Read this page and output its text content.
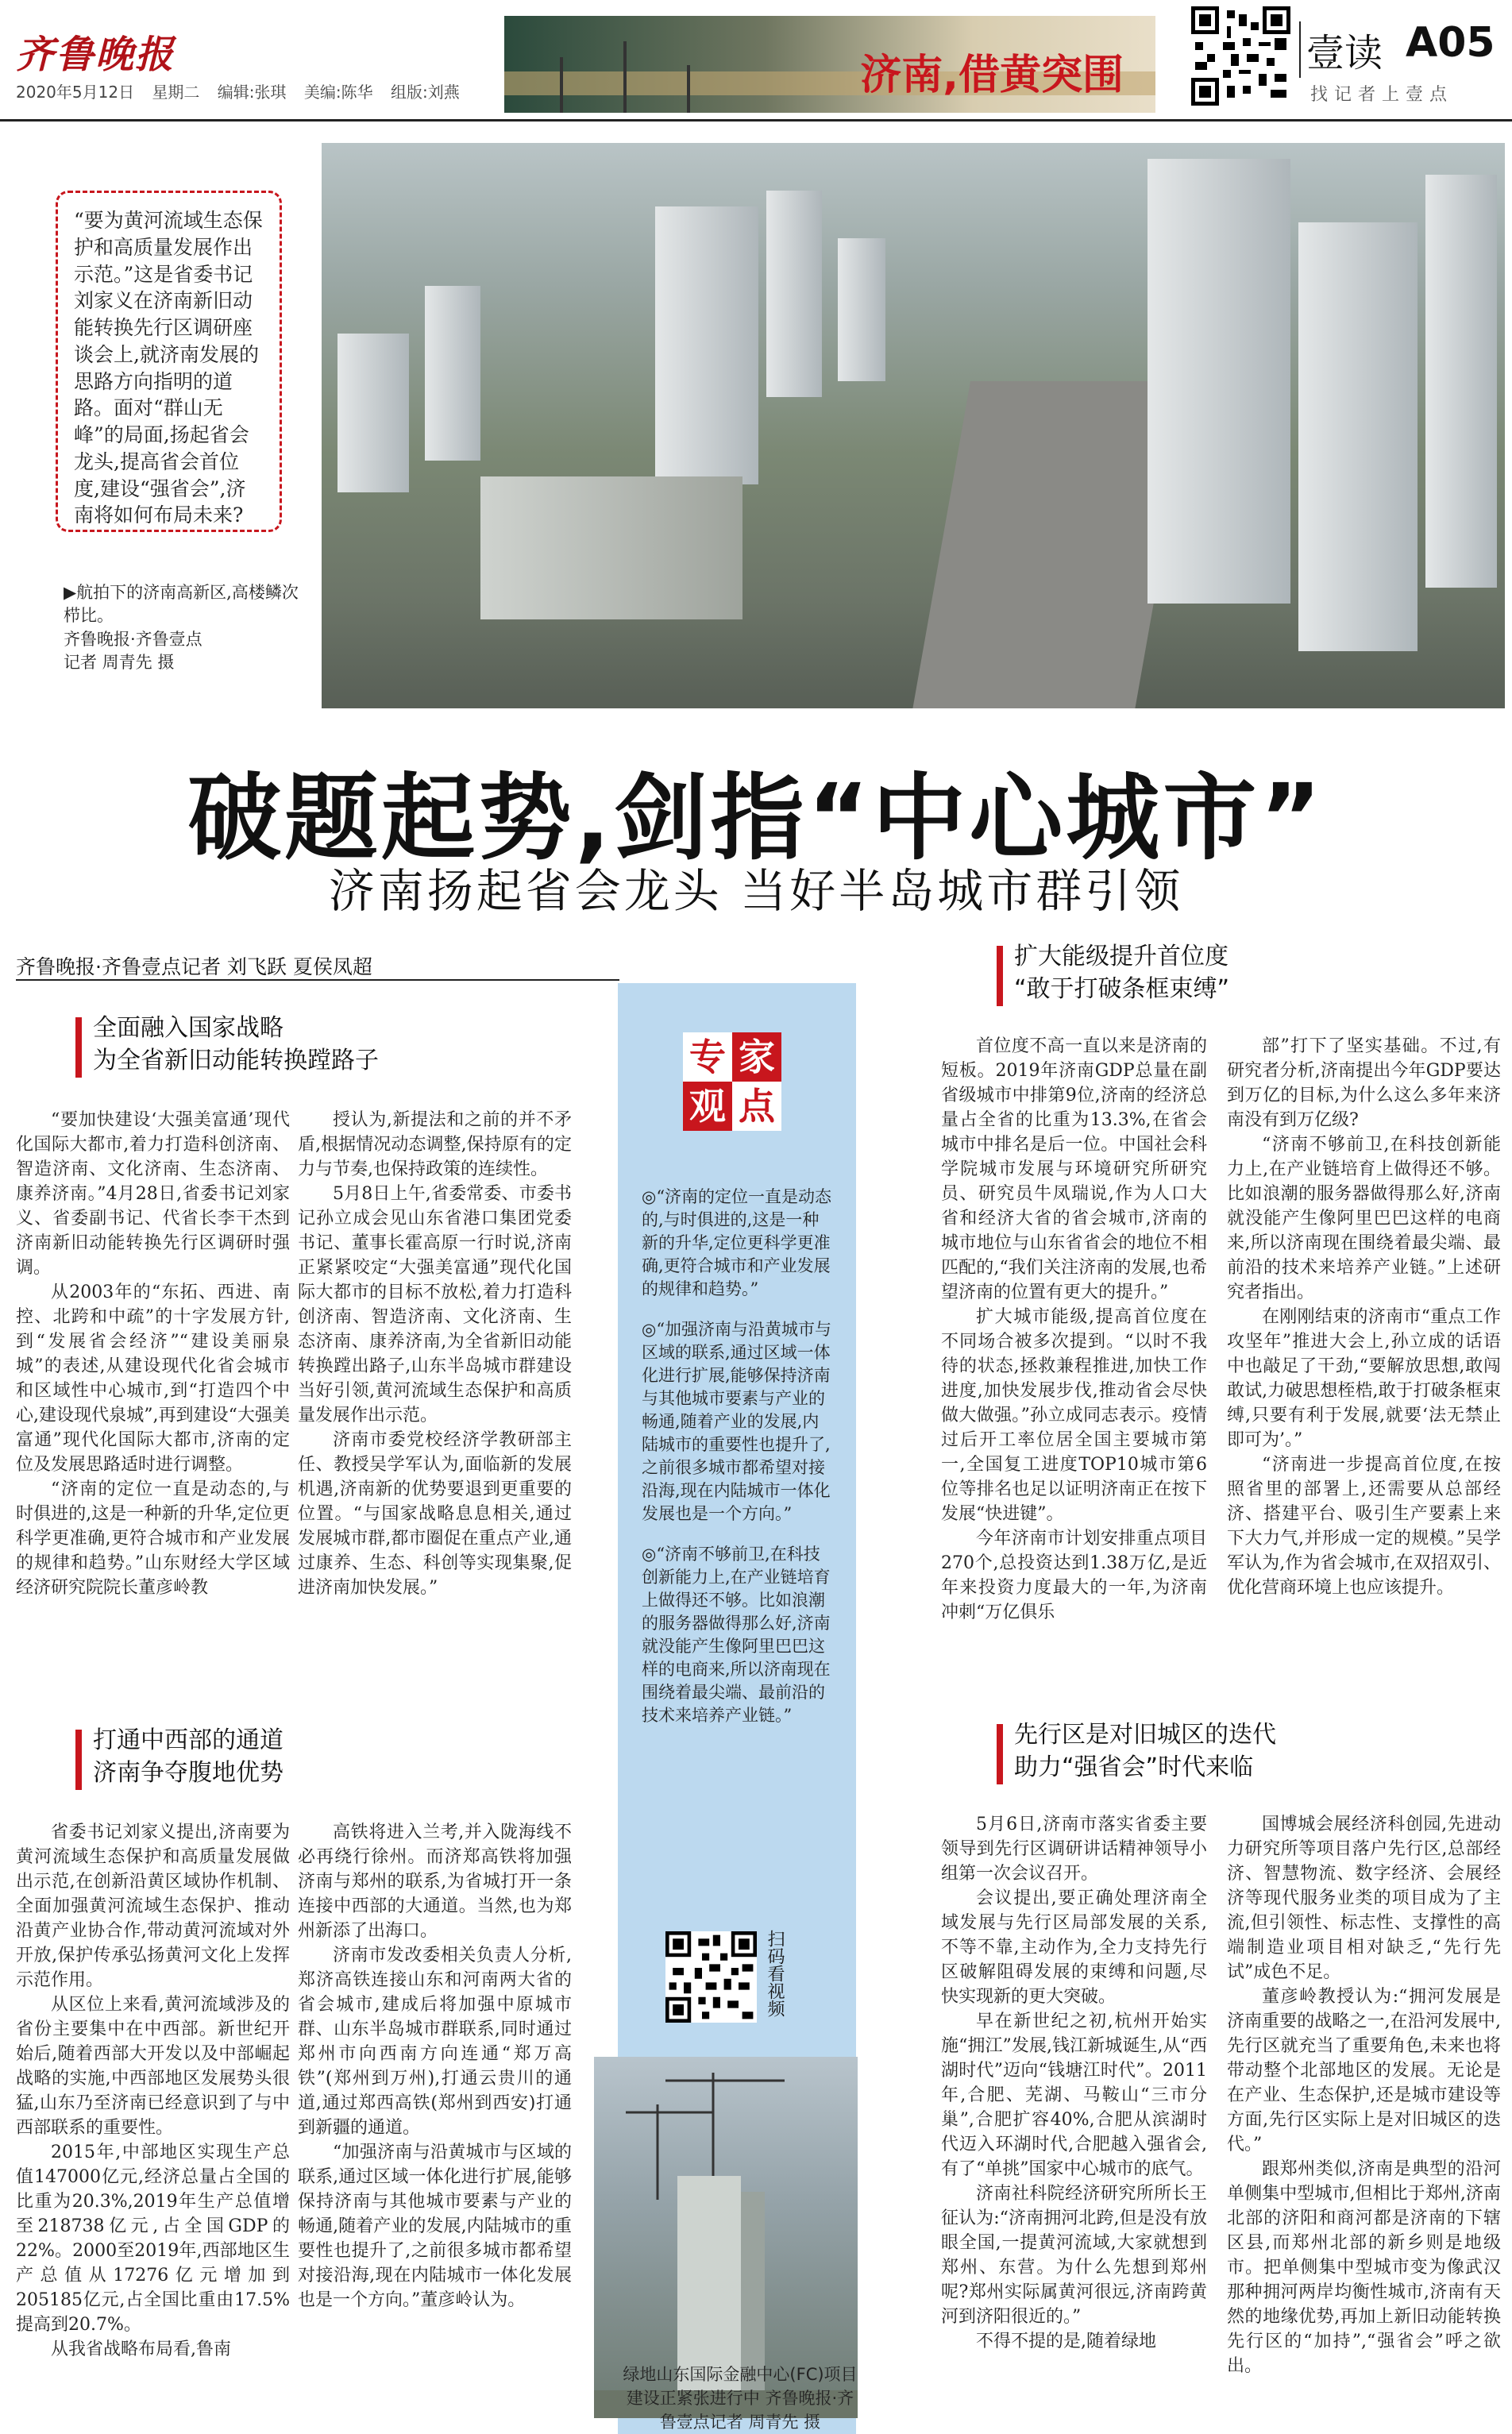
齐鲁晚报
2020年5月12日 星期二 编辑:张琪 美编:陈华 组版:刘燕	济南,借黄突围	壹读 A05
找记者上壹点
“要为黄河流域生态保护和高质量发展作出示范。”这是省委书记刘家义在济南新旧动能转换先行区调研座谈会上,就济南发展的思路方向指明的道路。面对“群山无峰”的局面,扬起省会龙头,提高省会首位度,建设“强省会”,济南将如何布局未来?
▶航拍下的济南高新区,高楼鳞次栉比。
齐鲁晚报·齐鲁壹点
记者 周青先 摄
破题起势,剑指“中心城市”
济南扬起省会龙头 当好半岛城市群引领
齐鲁晚报·齐鲁壹点记者 刘飞跃 夏侯凤超
全面融入国家战略
为全省新旧动能转换蹚路子
打通中西部的通道
济南争夺腹地优势
扩大能级提升首位度
“敢于打破条框束缚”
先行区是对旧城区的迭代
助力“强省会”时代来临

“要加快建设‘大强美富通’现代化国际大都市,着力打造科创济南、智造济南、文化济南、生态济南、康养济南。”4月28日,省委书记刘家义、省委副书记、代省长李干杰到济南新旧动能转换先行区调研时强调。

从2003年的“东拓、西进、南控、北跨和中疏”的十字发展方针,到“发展省会经济”“建设美丽泉城”的表述,从建设现代化省会城市和区域性中心城市,到“打造四个中心,建设现代泉城”,再到建设“大强美富通”现代化国际大都市,济南的定位及发展思路适时进行调整。

“济南的定位一直是动态的,与时俱进的,这是一种新的升华,定位更科学更准确,更符合城市和产业发展的规律和趋势。”山东财经大学区域经济研究院院长董彦岭教

授认为,新提法和之前的并不矛盾,根据情况动态调整,保持原有的定力与节奏,也保持政策的连续性。

5月8日上午,省委常委、市委书记孙立成会见山东省港口集团党委书记、董事长霍高原一行时说,济南正紧紧咬定“大强美富通”现代化国际大都市的目标不放松,着力打造科创济南、智造济南、文化济南、生态济南、康养济南,为全省新旧动能转换蹚出路子,山东半岛城市群建设当好引领,黄河流域生态保护和高质量发展作出示范。

济南市委党校经济学教研部主任、教授吴学军认为,面临新的发展机遇,济南新的优势要退到更重要的位置。“与国家战略息息相关,通过发展城市群,都市圈促在重点产业,通过康养、生态、科创等实现集聚,促进济南加快发展。”

省委书记刘家义提出,济南要为黄河流域生态保护和高质量发展做出示范,在创新沿黄区域协作机制、全面加强黄河流域生态保护、推动沿黄产业协合作,带动黄河流域对外开放,保护传承弘扬黄河文化上发挥示范作用。

从区位上来看,黄河流域涉及的省份主要集中在中西部。新世纪开始后,随着西部大开发以及中部崛起战略的实施,中西部地区发展势头很猛,山东乃至济南已经意识到了与中西部联系的重要性。

2015年,中部地区实现生产总值147000亿元,经济总量占全国的比重为20.3%,2019年生产总值增至218738亿元,占全国GDP的22%。2000至2019年,西部地区生产总值从17276亿元增加到205185亿元,占全国比重由17.5%提高到20.7%。

从我省战略布局看,鲁南

高铁将进入兰考,并入陇海线不必再绕行徐州。而济郑高铁将加强济南与郑州的联系,为省城打开一条连接中西部的大通道。当然,也为郑州新添了出海口。

济南市发改委相关负责人分析,郑济高铁连接山东和河南两大省的省会城市,建成后将加强中原城市群、山东半岛城市群联系,同时通过郑州市向西南方向连通“郑万高铁”(郑州到万州),打通云贵川的通道,通过郑西高铁(郑州到西安)打通到新疆的通道。

“加强济南与沿黄城市与区域的联系,通过区域一体化进行扩展,能够保持济南与其他城市要素与产业的畅通,随着产业的发展,内陆城市的重要性也提升了,之前很多城市都希望对接沿海,现在内陆城市一体化发展也是一个方向。”董彦岭认为。

首位度不高一直以来是济南的短板。2019年济南GDP总量在副省级城市中排第9位,济南的经济总量占全省的比重为13.3%,在省会城市中排名是后一位。中国社会科学院城市发展与环境研究所研究员、研究员牛凤瑞说,作为人口大省和经济大省的省会城市,济南的城市地位与山东省省会的地位不相匹配的,“我们关注济南的发展,也希望济南的位置有更大的提升。”

扩大城市能级,提高首位度在不同场合被多次提到。“以时不我待的状态,拯救兼程推进,加快工作进度,加快发展步伐,推动省会尽快做大做强。”孙立成同志表示。疫情过后开工率位居全国主要城市第一,全国复工进度TOP10城市第6位等排名也足以证明济南正在按下发展“快进键”。

今年济南市计划安排重点项目270个,总投资达到1.38万亿,是近年来投资力度最大的一年,为济南冲刺“万亿俱乐

部”打下了坚实基础。不过,有研究者分析,济南提出今年GDP要达到万亿的目标,为什么这么多年来济南没有到万亿级?

“济南不够前卫,在科技创新能力上,在产业链培育上做得还不够。比如浪潮的服务器做得那么好,济南就没能产生像阿里巴巴这样的电商来,所以济南现在围绕着最尖端、最前沿的技术来培养产业链。”上述研究者指出。

在刚刚结束的济南市“重点工作攻坚年”推进大会上,孙立成的话语中也敲足了干劲,“要解放思想,敢闯敢试,力破思想桎梏,敢于打破条框束缚,只要有利于发展,就要‘法无禁止即可为’。”

“济南进一步提高首位度,在按照省里的部署上,还需要从总部经济、搭建平台、吸引生产要素上来下大力气,并形成一定的规模。”吴学军认为,作为省会城市,在双招双引、优化营商环境上也应该提升。

5月6日,济南市落实省委主要领导到先行区调研讲话精神领导小组第一次会议召开。

会议提出,要正确处理济南全域发展与先行区局部发展的关系,不等不靠,主动作为,全力支持先行区破解阻碍发展的束缚和问题,尽快实现新的更大突破。

早在新世纪之初,杭州开始实施“拥江”发展,钱江新城诞生,从“西湖时代”迈向“钱塘江时代”。2011年,合肥、芜湖、马鞍山“三市分巢”,合肥扩容40%,合肥从滨湖时代迈入环湖时代,合肥越入强省会,有了“单挑”国家中心城市的底气。

济南社科院经济研究所所长王征认为:“济南拥河北跨,但是没有放眼全国,一提黄河流域,大家就想到郑州、东营。为什么先想到郑州呢?郑州实际属黄河很远,济南跨黄河到济阳很近的。”

不得不提的是,随着绿地

国博城会展经济科创园,先进动力研究所等项目落户先行区,总部经济、智慧物流、数字经济、会展经济等现代服务业类的项目成为了主流,但引领性、标志性、支撑性的高端制造业项目相对缺乏,“先行先试”成色不足。

董彦岭教授认为:“拥河发展是济南重要的战略之一,在沿河发展中,先行区就充当了重要角色,未来也将带动整个北部地区的发展。无论是在产业、生态保护,还是城市建设等方面,先行区实际上是对旧城区的迭代。”

跟郑州类似,济南是典型的沿河单侧集中型城市,但相比于郑州,济南北部的济阳和商河都是济南的下辖区县,而郑州北部的新乡则是地级市。把单侧集中型城市变为像武汉那种拥河两岸均衡性城市,济南有天然的地缘优势,再加上新旧动能转换先行区的“加持”,“强省会”呼之欲出。

专 家
观 点

◎“济南的定位一直是动态的,与时俱进的,这是一种新的升华,定位更科学更准确,更符合城市和产业发展的规律和趋势。”

◎“加强济南与沿黄城市与区域的联系,通过区域一体化进行扩展,能够保持济南与其他城市要素与产业的畅通,随着产业的发展,内陆城市的重要性也提升了,之前很多城市都希望对接沿海,现在内陆城市一体化发展也是一个方向。”

◎“济南不够前卫,在科技创新能力上,在产业链培育上做得还不够。比如浪潮的服务器做得那么好,济南就没能产生像阿里巴巴这样的电商来,所以济南现在围绕着最尖端、最前沿的技术来培养产业链。”

扫码看视频
绿地山东国际金融中心(FC)项目建设正紧张进行中 齐鲁晚报·齐鲁壹点记者 周青先 摄
